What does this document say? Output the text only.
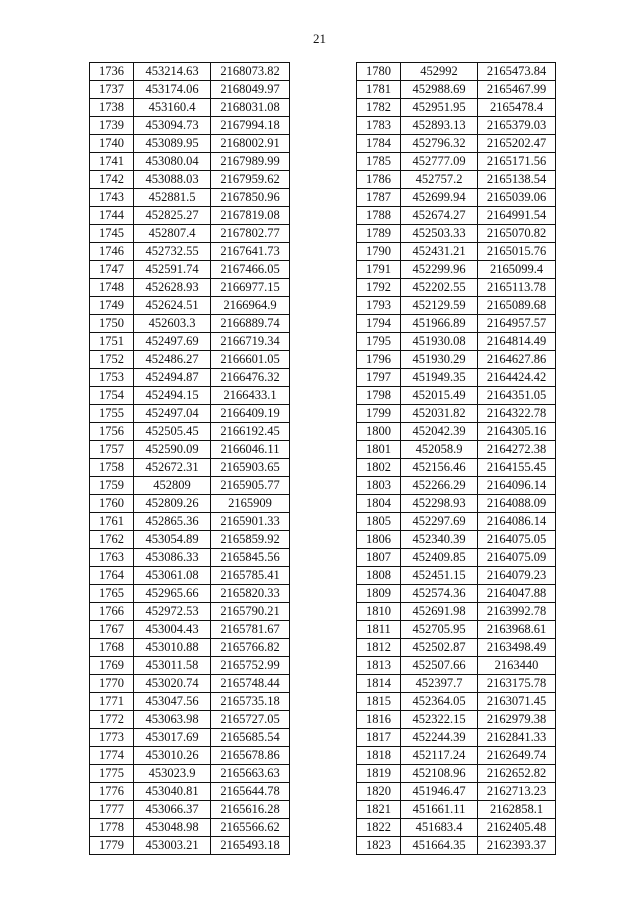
21
1736	453214.63	2168073.82
1737	453174.06	2168049.97
1738	453160.4	2168031.08
1739	453094.73	2167994.18
1740	453089.95	2168002.91
1741	453080.04	2167989.99
1742	453088.03	2167959.62
1743	452881.5	2167850.96
1744	452825.27	2167819.08
1745	452807.4	2167802.77
1746	452732.55	2167641.73
1747	452591.74	2167466.05
1748	452628.93	2166977.15
1749	452624.51	2166964.9
1750	452603.3	2166889.74
1751	452497.69	2166719.34
1752	452486.27	2166601.05
1753	452494.87	2166476.32
1754	452494.15	2166433.1
1755	452497.04	2166409.19
1756	452505.45	2166192.45
1757	452590.09	2166046.11
1758	452672.31	2165903.65
1759	452809	2165905.77
1760	452809.26	2165909
1761	452865.36	2165901.33
1762	453054.89	2165859.92
1763	453086.33	2165845.56
1764	453061.08	2165785.41
1765	452965.66	2165820.33
1766	452972.53	2165790.21
1767	453004.43	2165781.67
1768	453010.88	2165766.82
1769	453011.58	2165752.99
1770	453020.74	2165748.44
1771	453047.56	2165735.18
1772	453063.98	2165727.05
1773	453017.69	2165685.54
1774	453010.26	2165678.86
1775	453023.9	2165663.63
1776	453040.81	2165644.78
1777	453066.37	2165616.28
1778	453048.98	2165566.62
1779	453003.21	2165493.18
1780	452992	2165473.84
1781	452988.69	2165467.99
1782	452951.95	2165478.4
1783	452893.13	2165379.03
1784	452796.32	2165202.47
1785	452777.09	2165171.56
1786	452757.2	2165138.54
1787	452699.94	2165039.06
1788	452674.27	2164991.54
1789	452503.33	2165070.82
1790	452431.21	2165015.76
1791	452299.96	2165099.4
1792	452202.55	2165113.78
1793	452129.59	2165089.68
1794	451966.89	2164957.57
1795	451930.08	2164814.49
1796	451930.29	2164627.86
1797	451949.35	2164424.42
1798	452015.49	2164351.05
1799	452031.82	2164322.78
1800	452042.39	2164305.16
1801	452058.9	2164272.38
1802	452156.46	2164155.45
1803	452266.29	2164096.14
1804	452298.93	2164088.09
1805	452297.69	2164086.14
1806	452340.39	2164075.05
1807	452409.85	2164075.09
1808	452451.15	2164079.23
1809	452574.36	2164047.88
1810	452691.98	2163992.78
1811	452705.95	2163968.61
1812	452502.87	2163498.49
1813	452507.66	2163440
1814	452397.7	2163175.78
1815	452364.05	2163071.45
1816	452322.15	2162979.38
1817	452244.39	2162841.33
1818	452117.24	2162649.74
1819	452108.96	2162652.82
1820	451946.47	2162713.23
1821	451661.11	2162858.1
1822	451683.4	2162405.48
1823	451664.35	2162393.37
